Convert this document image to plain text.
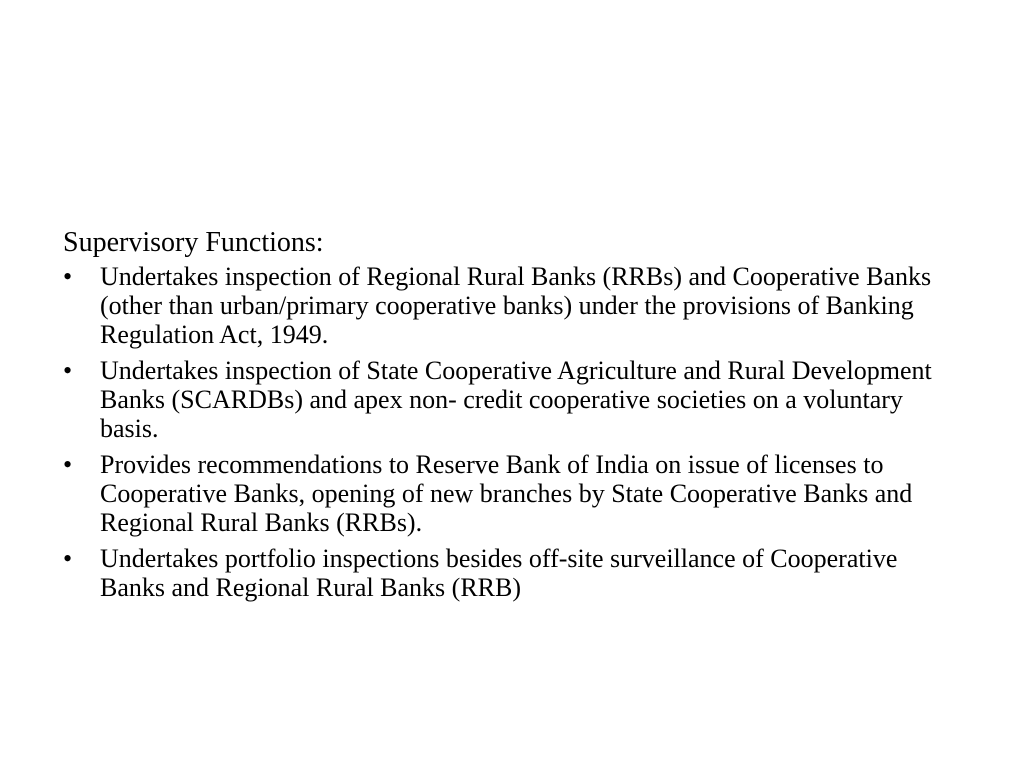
Supervisory Functions:
•	Undertakes inspection of Regional Rural Banks (RRBs) and Cooperative Banks (other than urban/primary cooperative banks) under the provisions of Banking Regulation Act, 1949.
•	Undertakes inspection of State Cooperative Agriculture and Rural Development Banks (SCARDBs) and apex non- credit cooperative societies on a voluntary basis.
•	Provides recommendations to Reserve Bank of India on issue of licenses to Cooperative Banks, opening of new branches by State Cooperative Banks and Regional Rural Banks (RRBs).
•	Undertakes portfolio inspections besides off-site surveillance of Cooperative Banks and Regional Rural Banks (RRB)
